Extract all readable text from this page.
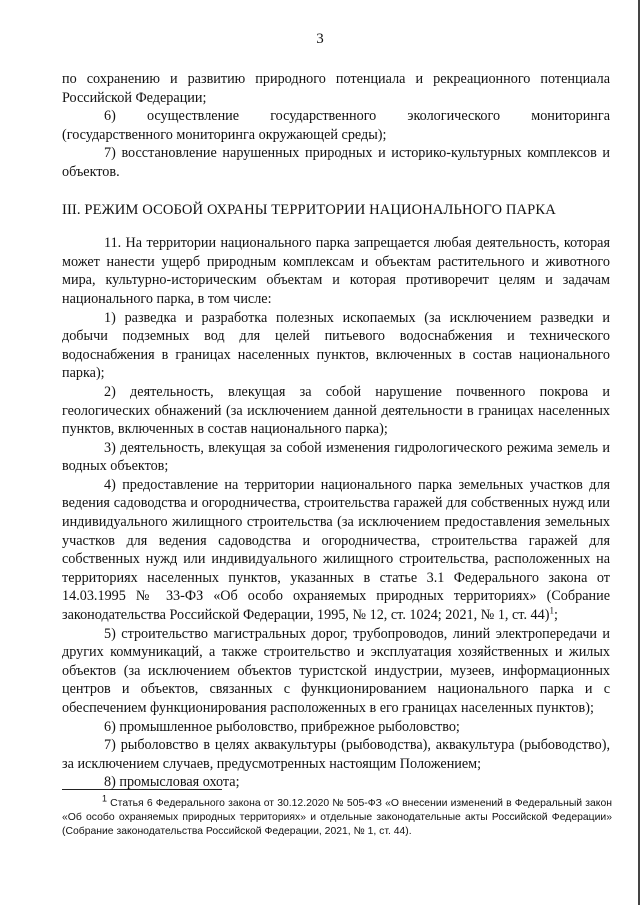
3

по сохранению и развитию природного потенциала и рекреационного потенциала Российской Федерации;

6) осуществление государственного экологического мониторинга (государственного мониторинга окружающей среды);

7) восстановление нарушенных природных и историко-культурных комплексов и объектов.

III. РЕЖИМ ОСОБОЙ ОХРАНЫ ТЕРРИТОРИИ НАЦИОНАЛЬНОГО ПАРКА

11. На территории национального парка запрещается любая деятельность, которая может нанести ущерб природным комплексам и объектам растительного и животного мира, культурно-историческим объектам и которая противоречит целям и задачам национального парка, в том числе:

1) разведка и разработка полезных ископаемых (за исключением разведки и добычи подземных вод для целей питьевого водоснабжения и технического водоснабжения в границах населенных пунктов, включенных в состав национального парка);

2) деятельность, влекущая за собой нарушение почвенного покрова и геологических обнажений (за исключением данной деятельности в границах населенных пунктов, включенных в состав национального парка);

3) деятельность, влекущая за собой изменения гидрологического режима земель и водных объектов;

4) предоставление на территории национального парка земельных участков для ведения садоводства и огородничества, строительства гаражей для собственных нужд или индивидуального жилищного строительства (за исключением предоставления земельных участков для ведения садоводства и огородничества, строительства гаражей для собственных нужд или индивидуального жилищного строительства, расположенных на территориях населенных пунктов, указанных в статье 3.1 Федерального закона от 14.03.1995 № 33-ФЗ «Об особо охраняемых природных территориях» (Собрание законодательства Российской Федерации, 1995, № 12, ст. 1024; 2021, № 1, ст. 44)$^1$;

5) строительство магистральных дорог, трубопроводов, линий электропередачи и других коммуникаций, а также строительство и эксплуатация хозяйственных и жилых объектов (за исключением объектов туристской индустрии, музеев, информационных центров и объектов, связанных с функционированием национального парка и с обеспечением функционирования расположенных в его границах населенных пунктов);

6) промышленное рыболовство, прибрежное рыболовство;

7) рыболовство в целях аквакультуры (рыбоводства), аквакультура (рыбоводство), за исключением случаев, предусмотренных настоящим Положением;

8) промысловая охота;

$^1$ Статья 6 Федерального закона от 30.12.2020 № 505-ФЗ «О внесении изменений в Федеральный закон «Об особо охраняемых природных территориях» и отдельные законодательные акты Российской Федерации» (Собрание законодательства Российской Федерации, 2021, № 1, ст. 44).
